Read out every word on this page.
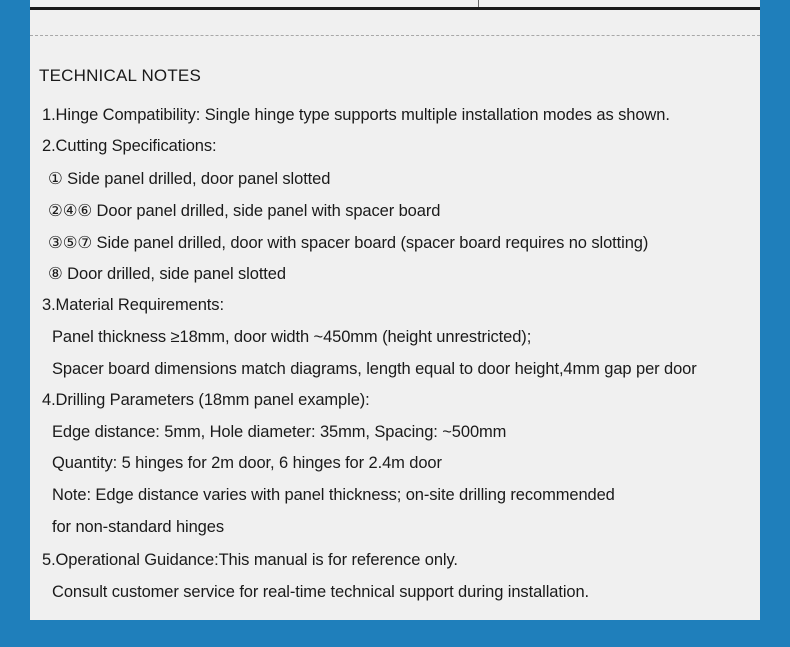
TECHNICAL NOTES
1.Hinge Compatibility: Single hinge type supports multiple installation modes as shown.
2.Cutting Specifications:
① Side panel drilled, door panel slotted
②④⑥ Door panel drilled, side panel with spacer board
③⑤⑦ Side panel drilled, door with spacer board (spacer board requires no slotting)
⑧ Door drilled, side panel slotted
3.Material Requirements:
Panel thickness ≥18mm, door width ~450mm (height unrestricted);
Spacer board dimensions match diagrams, length equal to door height,4mm gap per door
4.Drilling Parameters (18mm panel example):
Edge distance: 5mm, Hole diameter: 35mm, Spacing: ~500mm
Quantity: 5 hinges for 2m door, 6 hinges for 2.4m door
Note: Edge distance varies with panel thickness; on-site drilling recommended
for non-standard hinges
5.Operational Guidance:This manual is for reference only.
Consult customer service for real-time technical support during installation.
